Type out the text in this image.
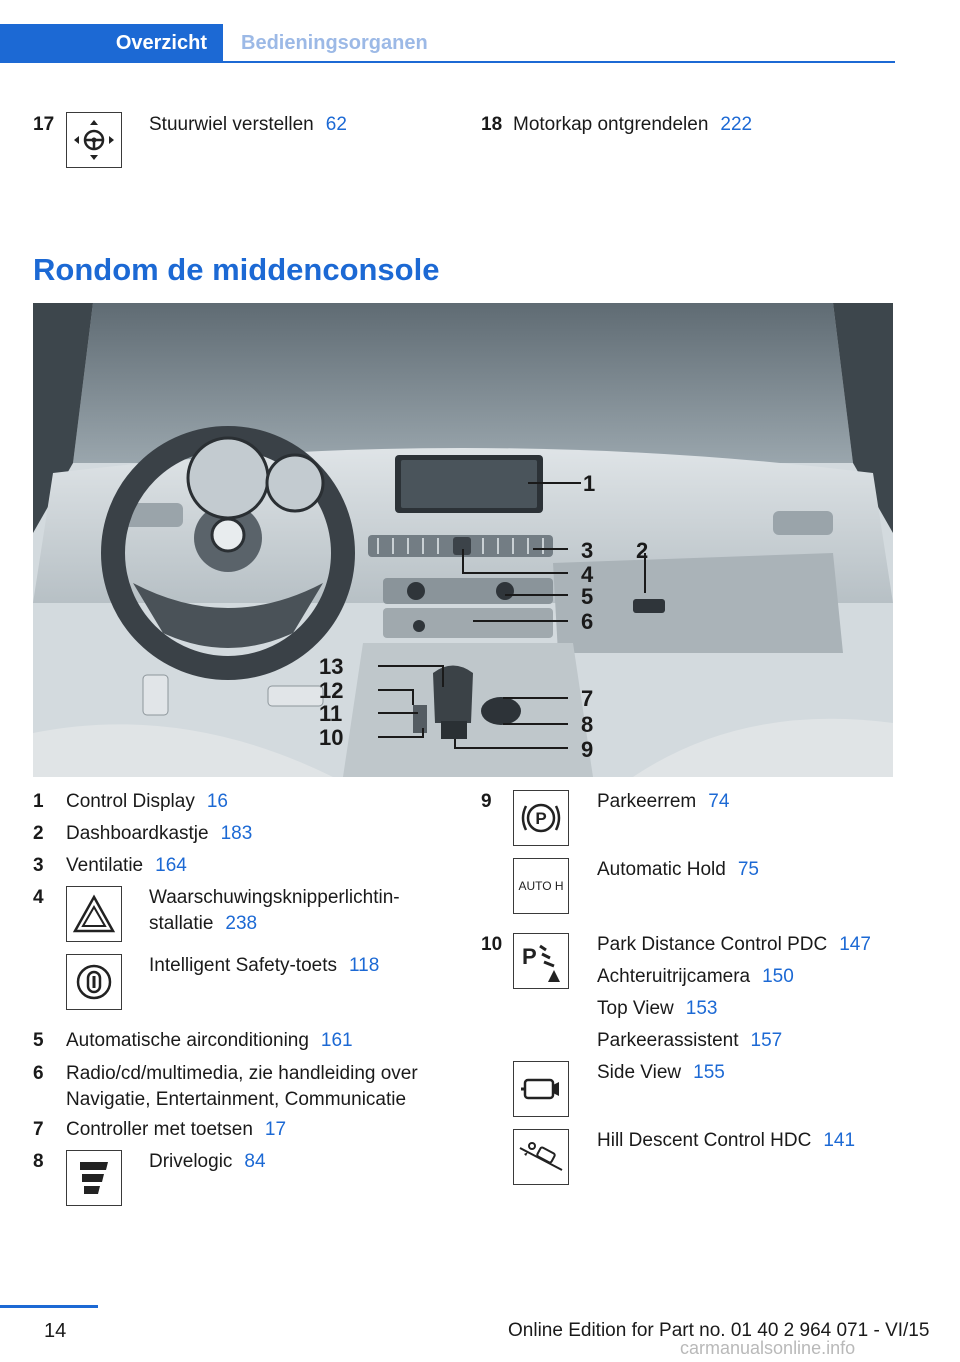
Overzicht	Bedieningsorganen
17	Stuurwiel verstellen 62	18 Motorkap ontgrendelen 222
Rondom de middenconsole
1
2
3
4
5
6
7
8
9
10
11
12
13
1 Control Display 16
2 Dashboardkastje 183
3 Ventilatie 164
4	Waarschuwingsknipperlichtin‐
stallatie 238
Intelligent Safety-toets 118
5 Automatische airconditioning 161
6 Radio/cd/multimedia, zie handleiding over
Navigatie, Entertainment, Communicatie
7 Controller met toetsen 17
8	Drivelogic 84
9
P
Parkeerrem 74
AUTO H
Automatic Hold 75
10 P	Park Distance Control PDC 147
Achteruitrijcamera 150
Top View 153
Parkeerassistent 157
Side View 155
Hill Descent Control HDC 141
14	Online Edition for Part no. 01 40 2 964 071 - VI/15
carmanualsonline.info
